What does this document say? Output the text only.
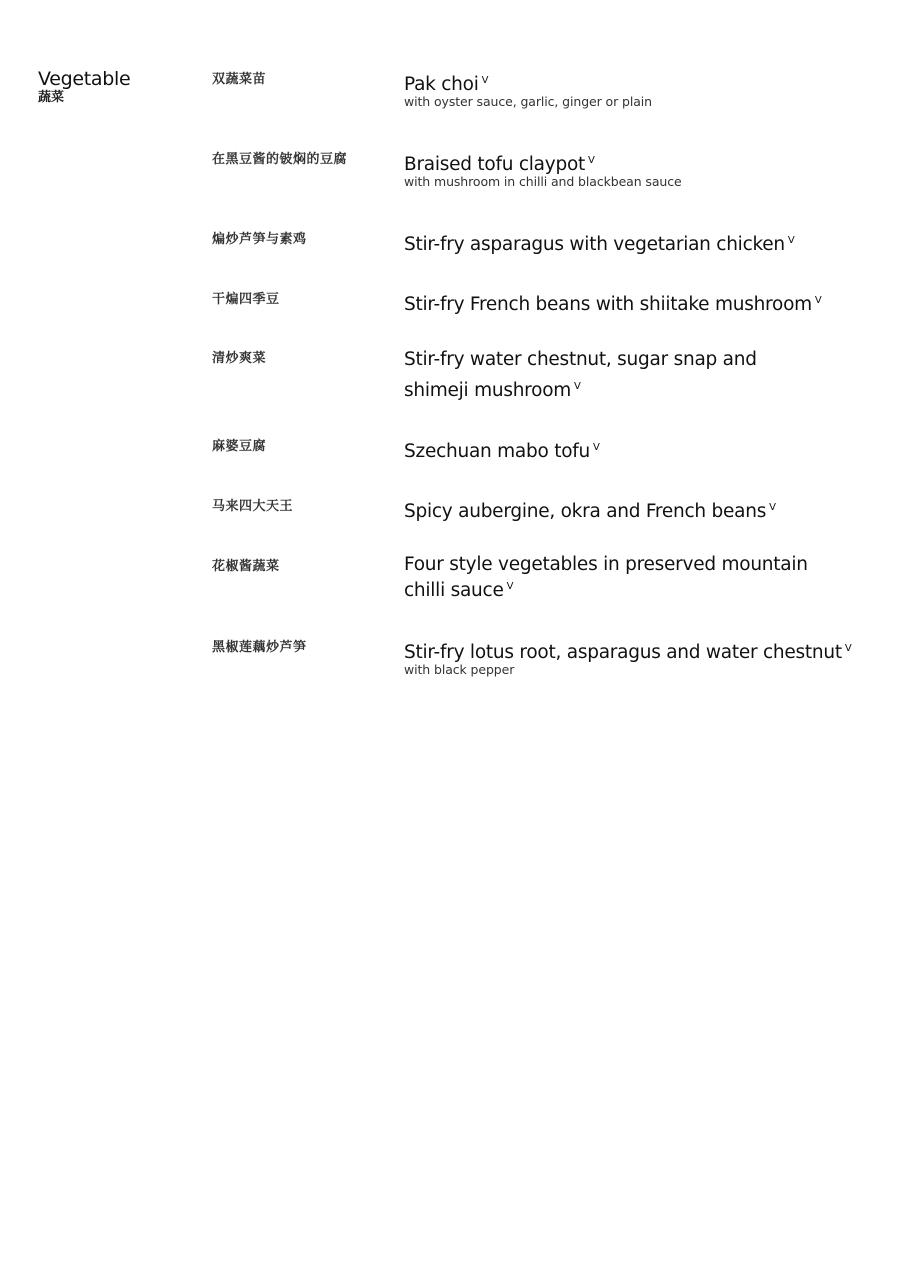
Vegetable
蔬菜
双蔬菜苗	Pak choi $^V$
with oyster sauce, garlic, ginger or plain
在黑豆酱的铍焖的豆腐	Braised tofu claypot $^V$
with mushroom in chilli and blackbean sauce
煸炒芦笋与素鸡	Stir-fry asparagus with vegetarian chicken $^V$
干煸四季豆	Stir-fry French beans with shiitake mushroom $^V$
清炒爽菜	Stir-fry water chestnut, sugar snap and
shimeji mushroom $^V$
麻婆豆腐	Szechuan mabo tofu $^V$
马来四大天王	Spicy aubergine, okra and French beans $^V$
花椒酱蔬菜	Four style vegetables in preserved mountain
chilli sauce $^V$
黑椒莲藕炒芦笋	Stir-fry lotus root, asparagus and water chestnut $^V$
with black pepper
